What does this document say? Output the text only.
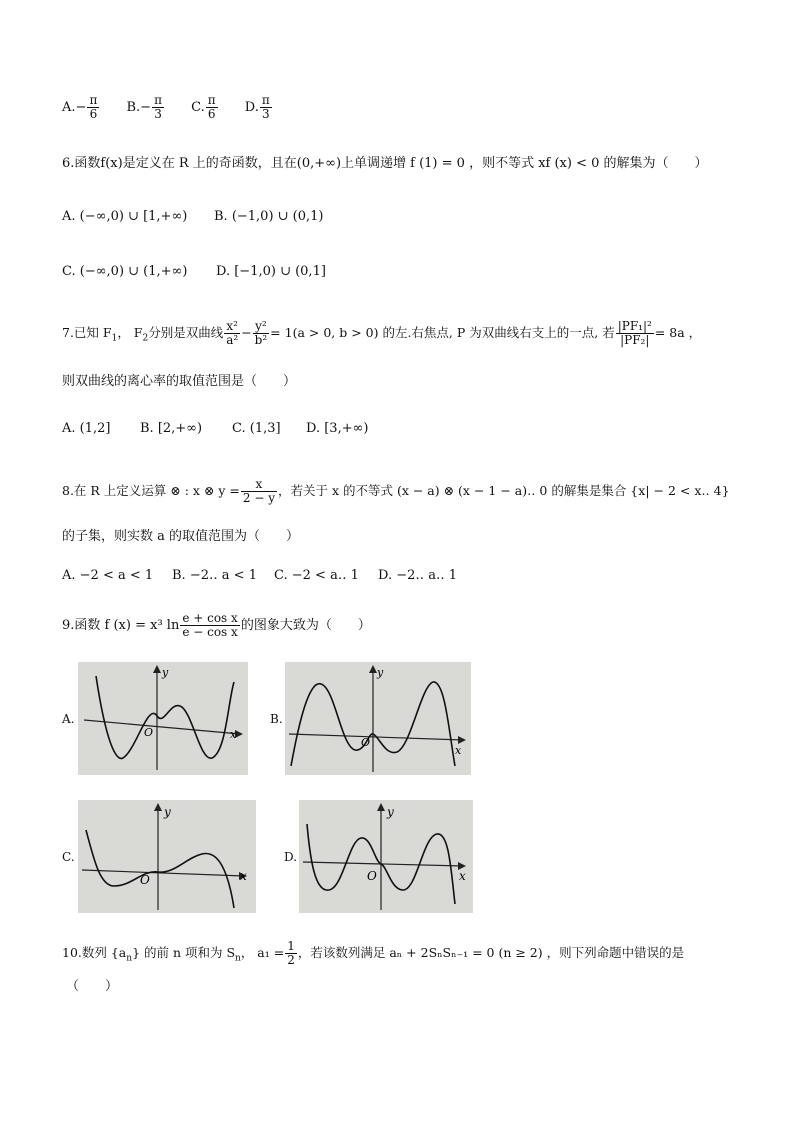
$A.- \frac{\pi}{6} B.- \frac{\pi}{3} C$. $\frac{\pi}{6} D$. $\frac{\pi}{3}$
6.函数f(x)是定义在 R 上的奇函数，且在(0,+∞)上单调递增 f (1) = 0 ，则不等式 xf (x) < 0 的解集为（　　）
A. (−∞,0) ∪ [1,+∞) B. (−1,0) ∪ (0,1)
C. (−∞,0) ∪ (1,+∞) D. [−1,0) ∪ (0,1]
7.已知 $F_1$， $F_2$分别是双曲线 $\frac{\text{x²}}{\text{a²}} - \frac{\text{y²}}{\text{b²}} = 1(a > 0$, b > 0) 的左.右焦点, P 为双曲线右支上的一点, 若 $\frac{\text{|PF₁|²}}{\text{|PF₂|}} = 8a$ ，
则双曲线的离心率的取值范围是（　　）
A. (1,2] B. [2,+∞) C. (1,3] D. [3,+∞)
8.在 R 上定义运算 ⊗ : x ⊗ $y = \frac{x}{2 - y}$ ，若关于 x 的不等式 (x − a) ⊗ (x − 1 − a)‥ 0 的解集是集合 {x| − 2 < x‥ 4}
的子集，则实数 a 的取值范围为（　　）
A. −2 < a < 1 B. −2‥ a < 1 C. −2 < a‥ 1 D. −2‥ a‥ 1
9.函数 f (x) = x³ $\ln \frac{\text{e + cos x}}{\text{e − cos x}}$ 的图象大致为（　　）
A.
y
x
O
B.
y
x
O
C.
y
x
O
D.
y
x
O
10.数列 $\{a_n\}$ 的前 n 项和为 $S_n$， $a_1 = \frac{1}{2}$ ，若该数列满足 aₙ + 2SₙSₙ₋₁ = 0 (n ≥ 2) ，则下列命题中错误的是
（　　）
